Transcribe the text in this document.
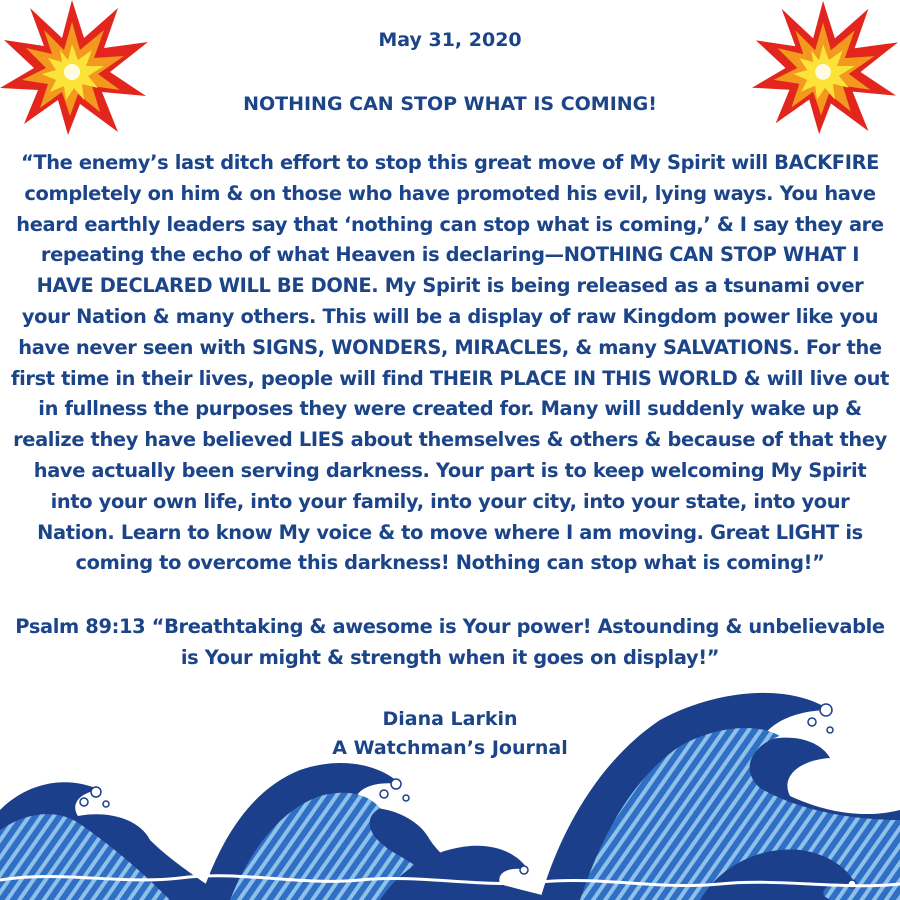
May 31, 2020

NOTHING CAN STOP WHAT IS COMING!

“The enemy’s last ditch effort to stop this great move of My Spirit will BACKFIRE completely on him & on those who have promoted his evil, lying ways. You have heard earthly leaders say that ‘nothing can stop what is coming,’ & I say they are repeating the echo of what Heaven is declaring—NOTHING CAN STOP WHAT I HAVE DECLARED WILL BE DONE. My Spirit is being released as a tsunami over your Nation & many others. This will be a display of raw Kingdom power like you have never seen with SIGNS, WONDERS, MIRACLES, & many SALVATIONS. For the first time in their lives, people will find THEIR PLACE IN THIS WORLD & will live out in fullness the purposes they were created for. Many will suddenly wake up & realize they have believed LIES about themselves & others & because of that they have actually been serving darkness. Your part is to keep welcoming My Spirit into your own life, into your family, into your city, into your state, into your Nation. Learn to know My voice & to move where I am moving. Great LIGHT is coming to overcome this darkness! Nothing can stop what is coming!”

Psalm 89:13 “Breathtaking & awesome is Your power! Astounding & unbelievable is Your might & strength when it goes on display!”

Diana Larkin

A Watchman’s Journal
